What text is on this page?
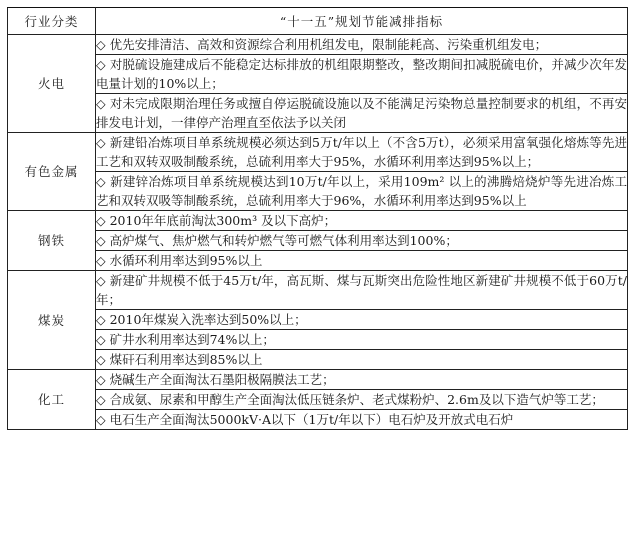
行业分类	“十一五”规划节能减排指标
火电	◇ 优先安排清洁、高效和资源综合利用机组发电，限制能耗高、污染重机组发电；
	◇ 对脱硫设施建成后不能稳定达标排放的机组限期整改，整改期间扣减脱硫电价，并减少次年发电量计划的10%以上；
	◇ 对未完成限期治理任务或擅自停运脱硫设施以及不能满足污染物总量控制要求的机组，不再安排发电计划，一律停产治理直至依法予以关闭
有色金属	◇ 新建铅冶炼项目单系统规模必须达到5万t/年以上（不含5万t），必须采用富氧强化熔炼等先进工艺和双转双吸制酸系统，总硫利用率大于95%，水循环利用率达到95%以上；
	◇ 新建锌冶炼项目单系统规模达到10万t/年以上，采用109m² 以上的沸腾焙烧炉等先进冶炼工艺和双转双吸等制酸系统，总硫利用率大于96%，水循环利用率达到95%以上
钢铁	◇ 2010年年底前淘汰300m³ 及以下高炉；
	◇ 高炉煤气、焦炉燃气和转炉燃气等可燃气体利用率达到100%；
	◇ 水循环利用率达到95%以上
煤炭	◇ 新建矿井规模不低于45万t/年，高瓦斯、煤与瓦斯突出危险性地区新建矿井规模不低于60万t/年；
	◇ 2010年煤炭入洗率达到50%以上；
	◇ 矿井水利用率达到74%以上；
	◇ 煤矸石利用率达到85%以上
化工	◇ 烧碱生产全面淘汰石墨阳极隔膜法工艺；
	◇ 合成氨、尿素和甲醇生产全面淘汰低压链条炉、老式煤粉炉、2.6m及以下造气炉等工艺；
	◇ 电石生产全面淘汰5000kV·A以下（1万t/年以下）电石炉及开放式电石炉
